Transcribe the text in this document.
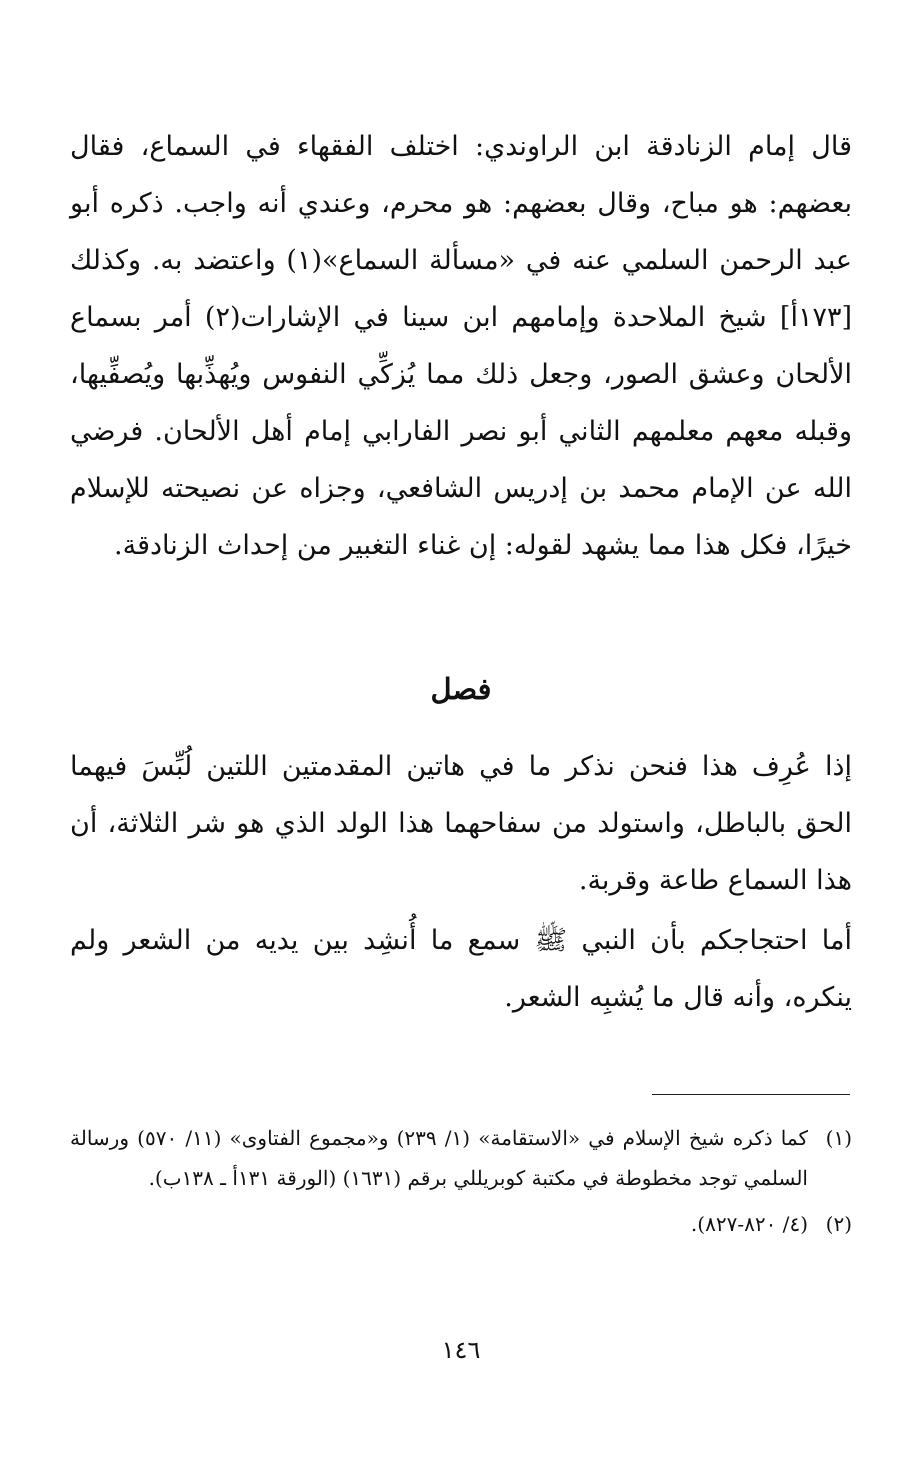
قال إمام الزنادقة ابن الراوندي: اختلف الفقهاء في السماع، فقال بعضهم: هو مباح، وقال بعضهم: هو محرم، وعندي أنه واجب. ذكره أبو عبد الرحمن السلمي عنه في «مسألة السماع»(١) واعتضد به. وكذلك [١٧٣أ] شيخ الملاحدة وإمامهم ابن سينا في الإشارات(٢) أمر بسماع الألحان وعشق الصور، وجعل ذلك مما يُزكِّي النفوس ويُهذِّبها ويُصفِّيها، وقبله معهم معلمهم الثاني أبو نصر الفارابي إمام أهل الألحان. فرضي الله عن الإمام محمد بن إدريس الشافعي، وجزاه عن نصيحته للإسلام خيرًا، فكل هذا مما يشهد لقوله: إن غناء التغبير من إحداث الزنادقة.

فصل

إذا عُرِف هذا فنحن نذكر ما في هاتين المقدمتين اللتين لُبِّسَ فيهما الحق بالباطل، واستولد من سفاحهما هذا الولد الذي هو شر الثلاثة، أن هذا السماع طاعة وقربة.

أما احتجاجكم بأن النبي ﷺ سمع ما أُنشِد بين يديه من الشعر ولم ينكره، وأنه قال ما يُشبِه الشعر.

(١)
كما ذكره شيخ الإسلام في «الاستقامة» (١/ ٢٣٩) و«مجموع الفتاوى» (١١/ ٥٧٠) ورسالة السلمي توجد مخطوطة في مكتبة كوبريللي برقم (١٦٣١) (الورقة ١٣١أ ـ ١٣٨ب).

(٢)
(٤/ ٨٢٠-٨٢٧).

١٤٦
